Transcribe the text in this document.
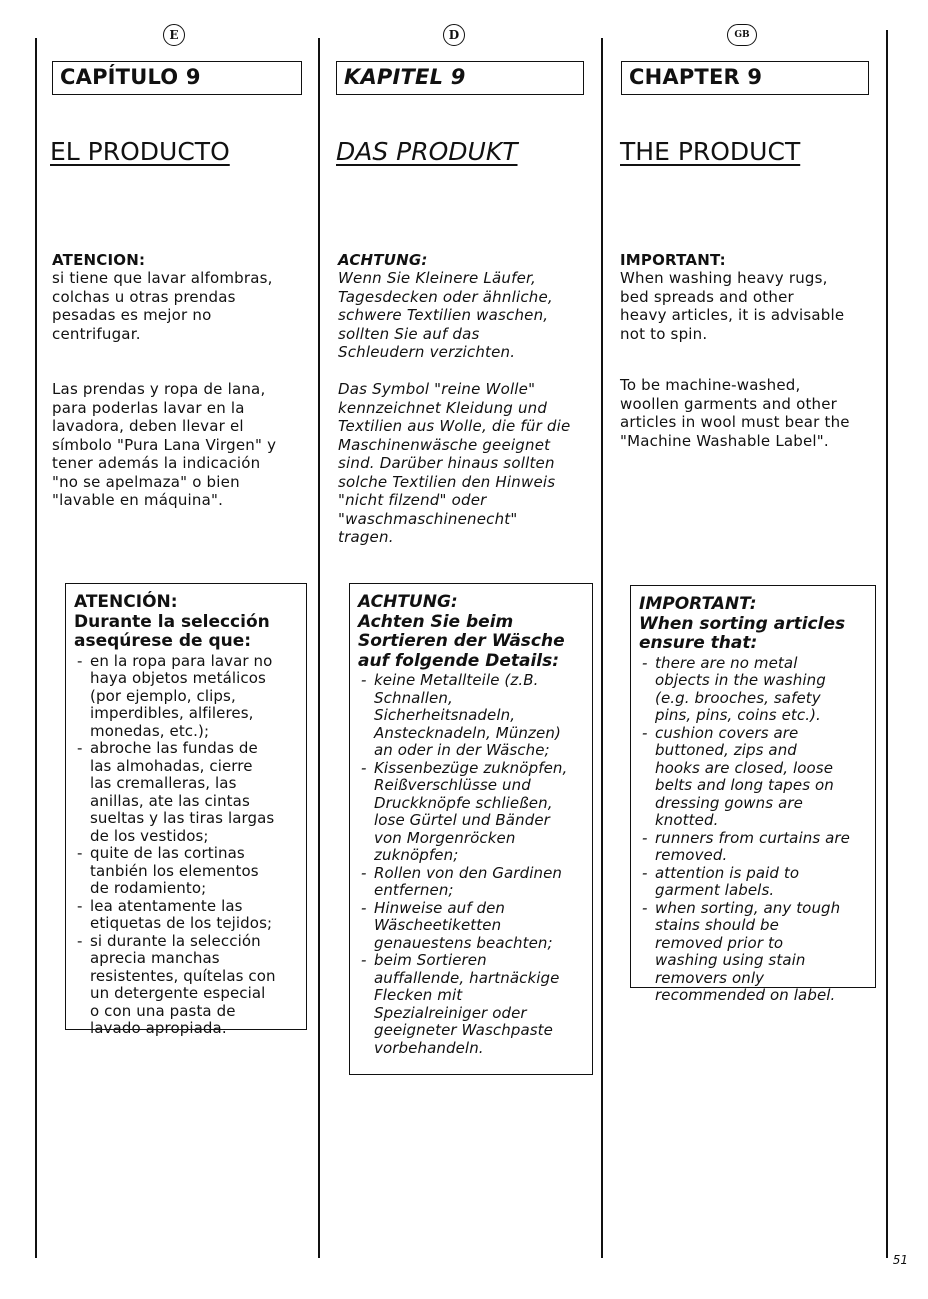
E
CAPÍTULO 9
EL PRODUCTO

ATENCION:
si tiene que lavar alfombras,
colchas u otras prendas
pesadas es mejor no
centrifugar.

Las prendas y ropa de lana,
para poderlas lavar en la
lavadora, deben llevar el
símbolo "Pura Lana Virgen" y
tener además la indicación
"no se apelmaza" o bien
"lavable en máquina".
ATENCIÓN:
Durante la selección
aseqúrese de que:
- en la ropa para lavar no
haya objetos metálicos
(por ejemplo, clips,
imperdibles, alfileres,
monedas, etc.);
- abroche las fundas de
las almohadas, cierre
las cremalleras, las
anillas, ate las cintas
sueltas y las tiras largas
de los vestidos;
- quite de las cortinas
tanbién los elementos
de rodamiento;
- lea atentamente las
etiquetas de los tejidos;
- si durante la selección
aprecia manchas
resistentes, quítelas con
un detergente especial
o con una pasta de
lavado apropiada.
D
KAPITEL 9
DAS PRODUKT

ACHTUNG:
Wenn Sie Kleinere Läufer,
Tagesdecken oder ähnliche,
schwere Textilien waschen,
sollten Sie auf das
Schleudern verzichten.

Das Symbol "reine Wolle"
kennzeichnet Kleidung und
Textilien aus Wolle, die für die
Maschinenwäsche geeignet
sind. Darüber hinaus sollten
solche Textilien den Hinweis
"nicht filzend" oder
"waschmaschinenecht"
tragen.
ACHTUNG:
Achten Sie beim
Sortieren der Wäsche
auf folgende Details:
- keine Metallteile (z.B.
Schnallen,
Sicherheitsnadeln,
Anstecknadeln, Münzen)
an oder in der Wäsche;
- Kissenbezüge zuknöpfen,
Reißverschlüsse und
Druckknöpfe schließen,
lose Gürtel und Bänder
von Morgenröcken
zuknöpfen;
- Rollen von den Gardinen
entfernen;
- Hinweise auf den
Wäscheetiketten
genauestens beachten;
- beim Sortieren
auffallende, hartnäckige
Flecken mit
Spezialreiniger oder
geeigneter Waschpaste
vorbehandeln.
GB
CHAPTER 9
THE PRODUCT

IMPORTANT:
When washing heavy rugs,
bed spreads and other
heavy articles, it is advisable
not to spin.

To be machine-washed,
woollen garments and other
articles in wool must bear the
"Machine Washable Label".
IMPORTANT:
When sorting articles
ensure that:
- there are no metal
objects in the washing
(e.g. brooches, safety
pins, pins, coins etc.).
- cushion covers are
buttoned, zips and
hooks are closed, loose
belts and long tapes on
dressing gowns are
knotted.
- runners from curtains are
removed.
- attention is paid to
garment labels.
- when sorting, any tough
stains should be
removed prior to
washing using stain
removers only
recommended on label.
51
